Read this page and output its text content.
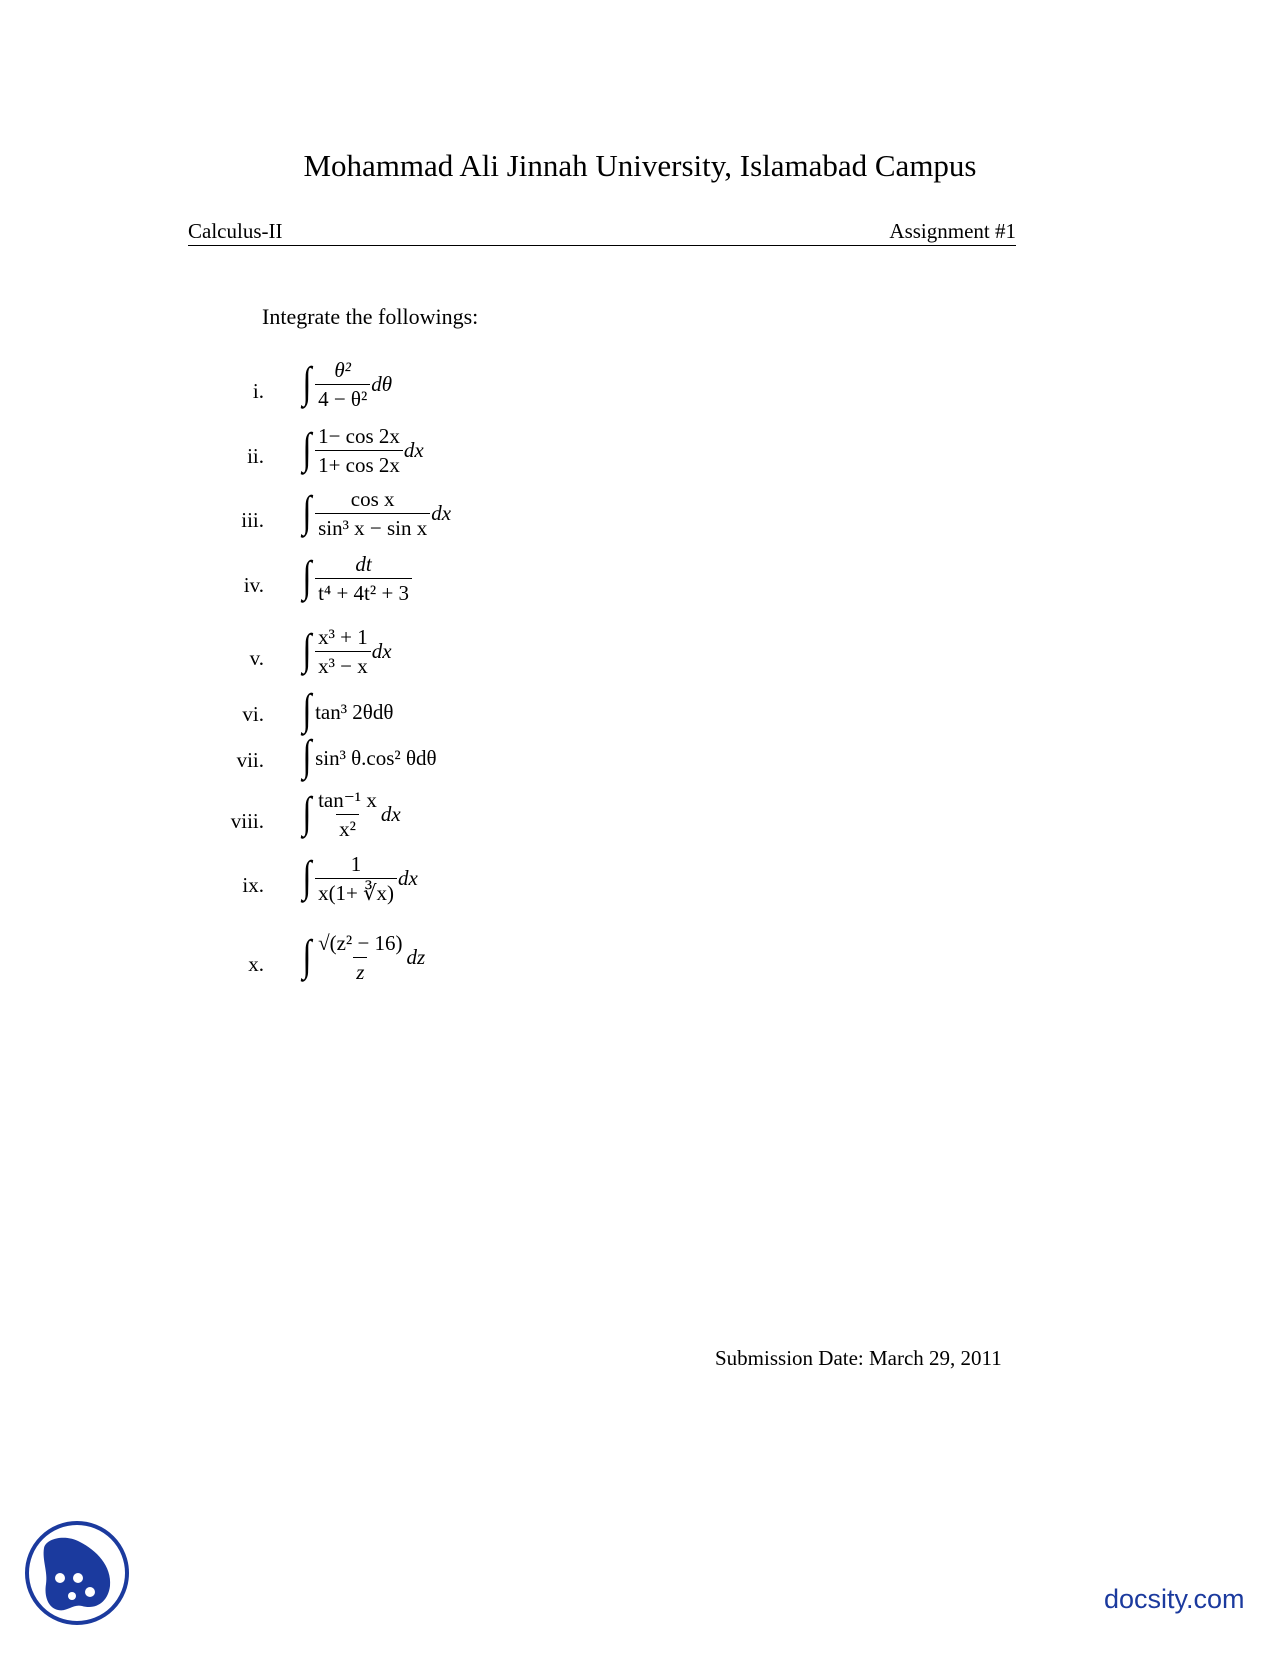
Mohammad Ali Jinnah University, Islamabad Campus
Calculus-II	Assignment #1
Integrate the followings:
i. ∫ $\frac{\text{θ²}}{\text{4 − θ²}}$ dθ
ii. ∫ $\frac{1- \cos 2x}{1+ \cos 2x}$ dx
iii. ∫ $\frac{\text{cos x}}{\text{sin³ x − sin x}}$ dx
iv. ∫ $\frac{dt}{\text{t⁴ + 4t² + 3}}$
v. ∫ $\frac{\text{x³ + 1}}{\text{x³ − x}}$ dx
vi. ∫ tan³ 2θdθ
vii. ∫ sin³ θ.cos² θdθ
viii. ∫ $\frac{\text{tan⁻¹ x}}{\text{x²}}$ dx
ix. ∫ $\frac{1}{x(1+ ∛x)}$ dx
x. ∫ $\frac{\text{√(z² − 16)}}{z}$ dz
Submission Date: March 29, 2011
docsity.com
